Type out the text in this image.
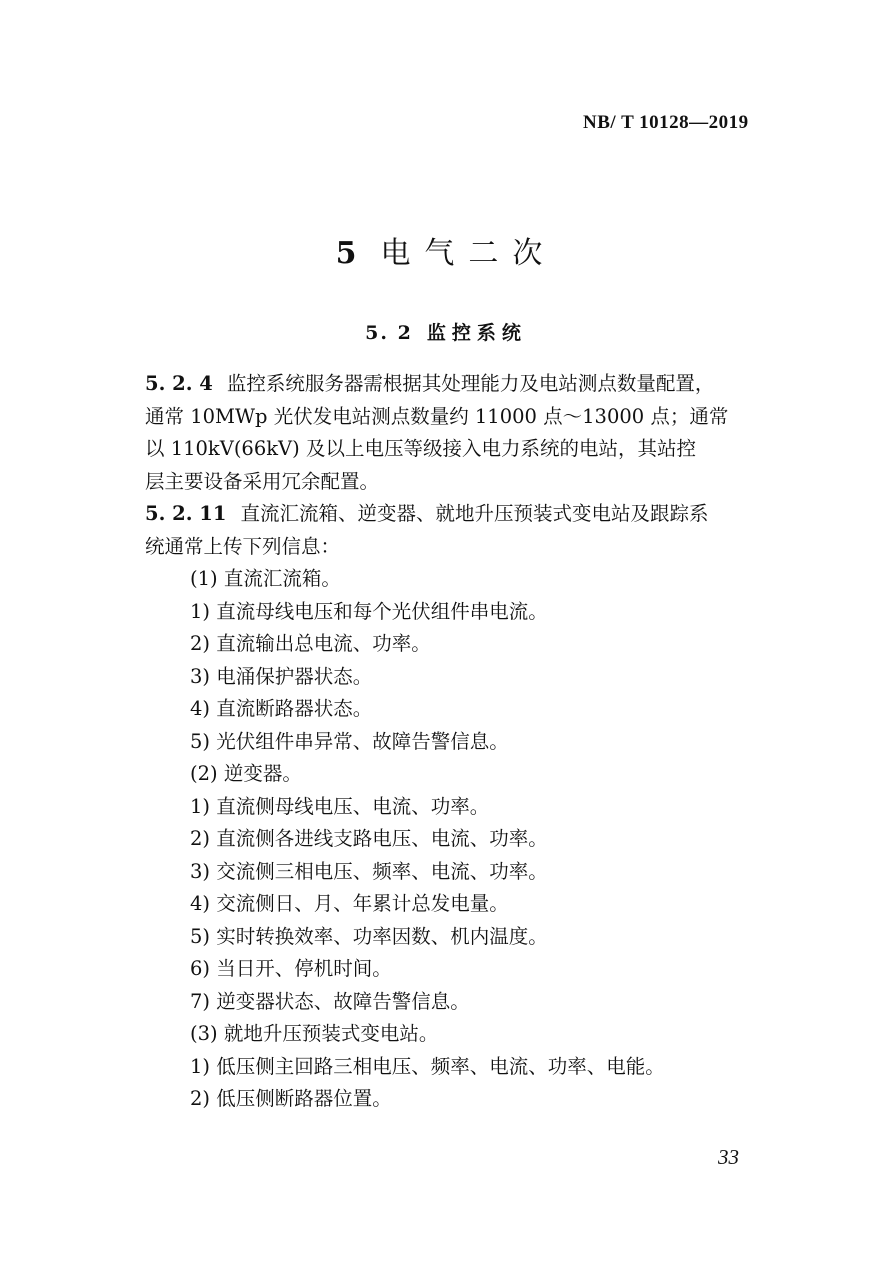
NB/ T 10128—2019
5 电气二次
5. 2 监控系统

5. 2. 4 监控系统服务器需根据其处理能力及电站测点数量配置，
通常 10MWp 光伏发电站测点数量约 11000 点～13000 点；通常
以 110kV(66kV) 及以上电压等级接入电力系统的电站，其站控
层主要设备采用冗余配置。

5. 2. 11 直流汇流箱、逆变器、就地升压预装式变电站及跟踪系
统通常上传下列信息：

(1) 直流汇流箱。

1) 直流母线电压和每个光伏组件串电流。

2) 直流输出总电流、功率。

3) 电涌保护器状态。

4) 直流断路器状态。

5) 光伏组件串异常、故障告警信息。

(2) 逆变器。

1) 直流侧母线电压、电流、功率。

2) 直流侧各进线支路电压、电流、功率。

3) 交流侧三相电压、频率、电流、功率。

4) 交流侧日、月、年累计总发电量。

5) 实时转换效率、功率因数、机内温度。

6) 当日开、停机时间。

7) 逆变器状态、故障告警信息。

(3) 就地升压预装式变电站。

1) 低压侧主回路三相电压、频率、电流、功率、电能。

2) 低压侧断路器位置。

33
